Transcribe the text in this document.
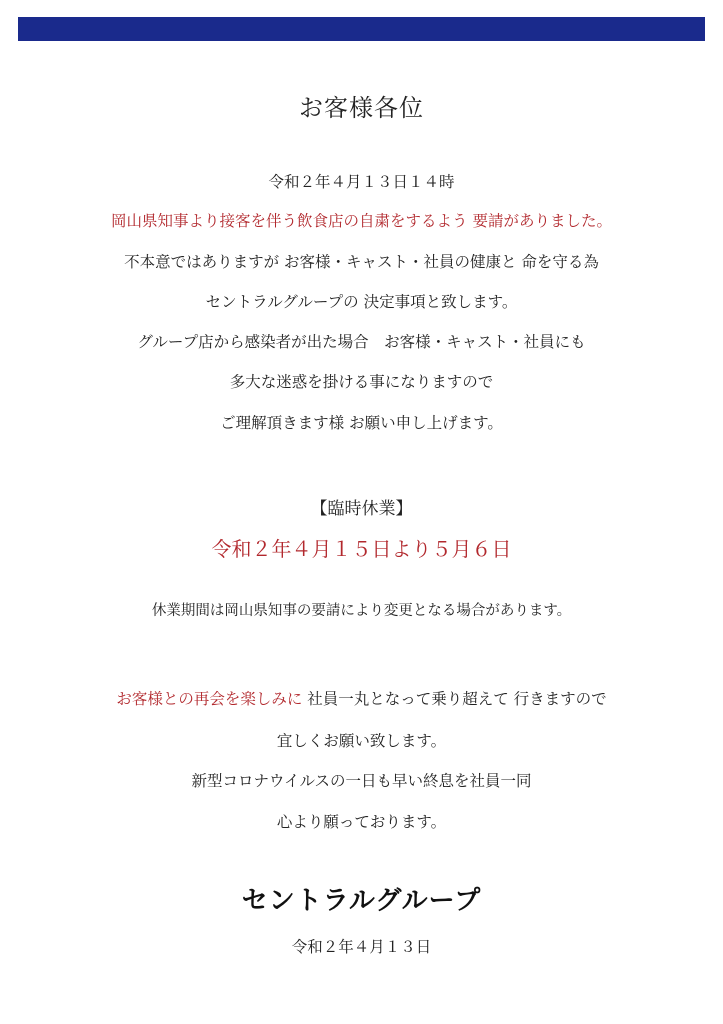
お客様各位
令和２年４月１３日１４時
岡山県知事より接客を伴う飲食店の自粛をするよう 要請がありました。
不本意ではありますが お客様・キャスト・社員の健康と 命を守る為
セントラルグループの 決定事項と致します。
グループ店から感染者が出た場合　お客様・キャスト・社員にも
多大な迷惑を掛ける事になりますので
ご理解頂きます様 お願い申し上げます。
【臨時休業】
令和２年４月１５日より５月６日
休業期間は岡山県知事の要請により変更となる場合があります。
お客様との再会を楽しみに 社員一丸となって乗り超えて 行きますので
宜しくお願い致します。
新型コロナウイルスの一日も早い終息を社員一同
心より願っております。
セントラルグループ
令和２年４月１３日
